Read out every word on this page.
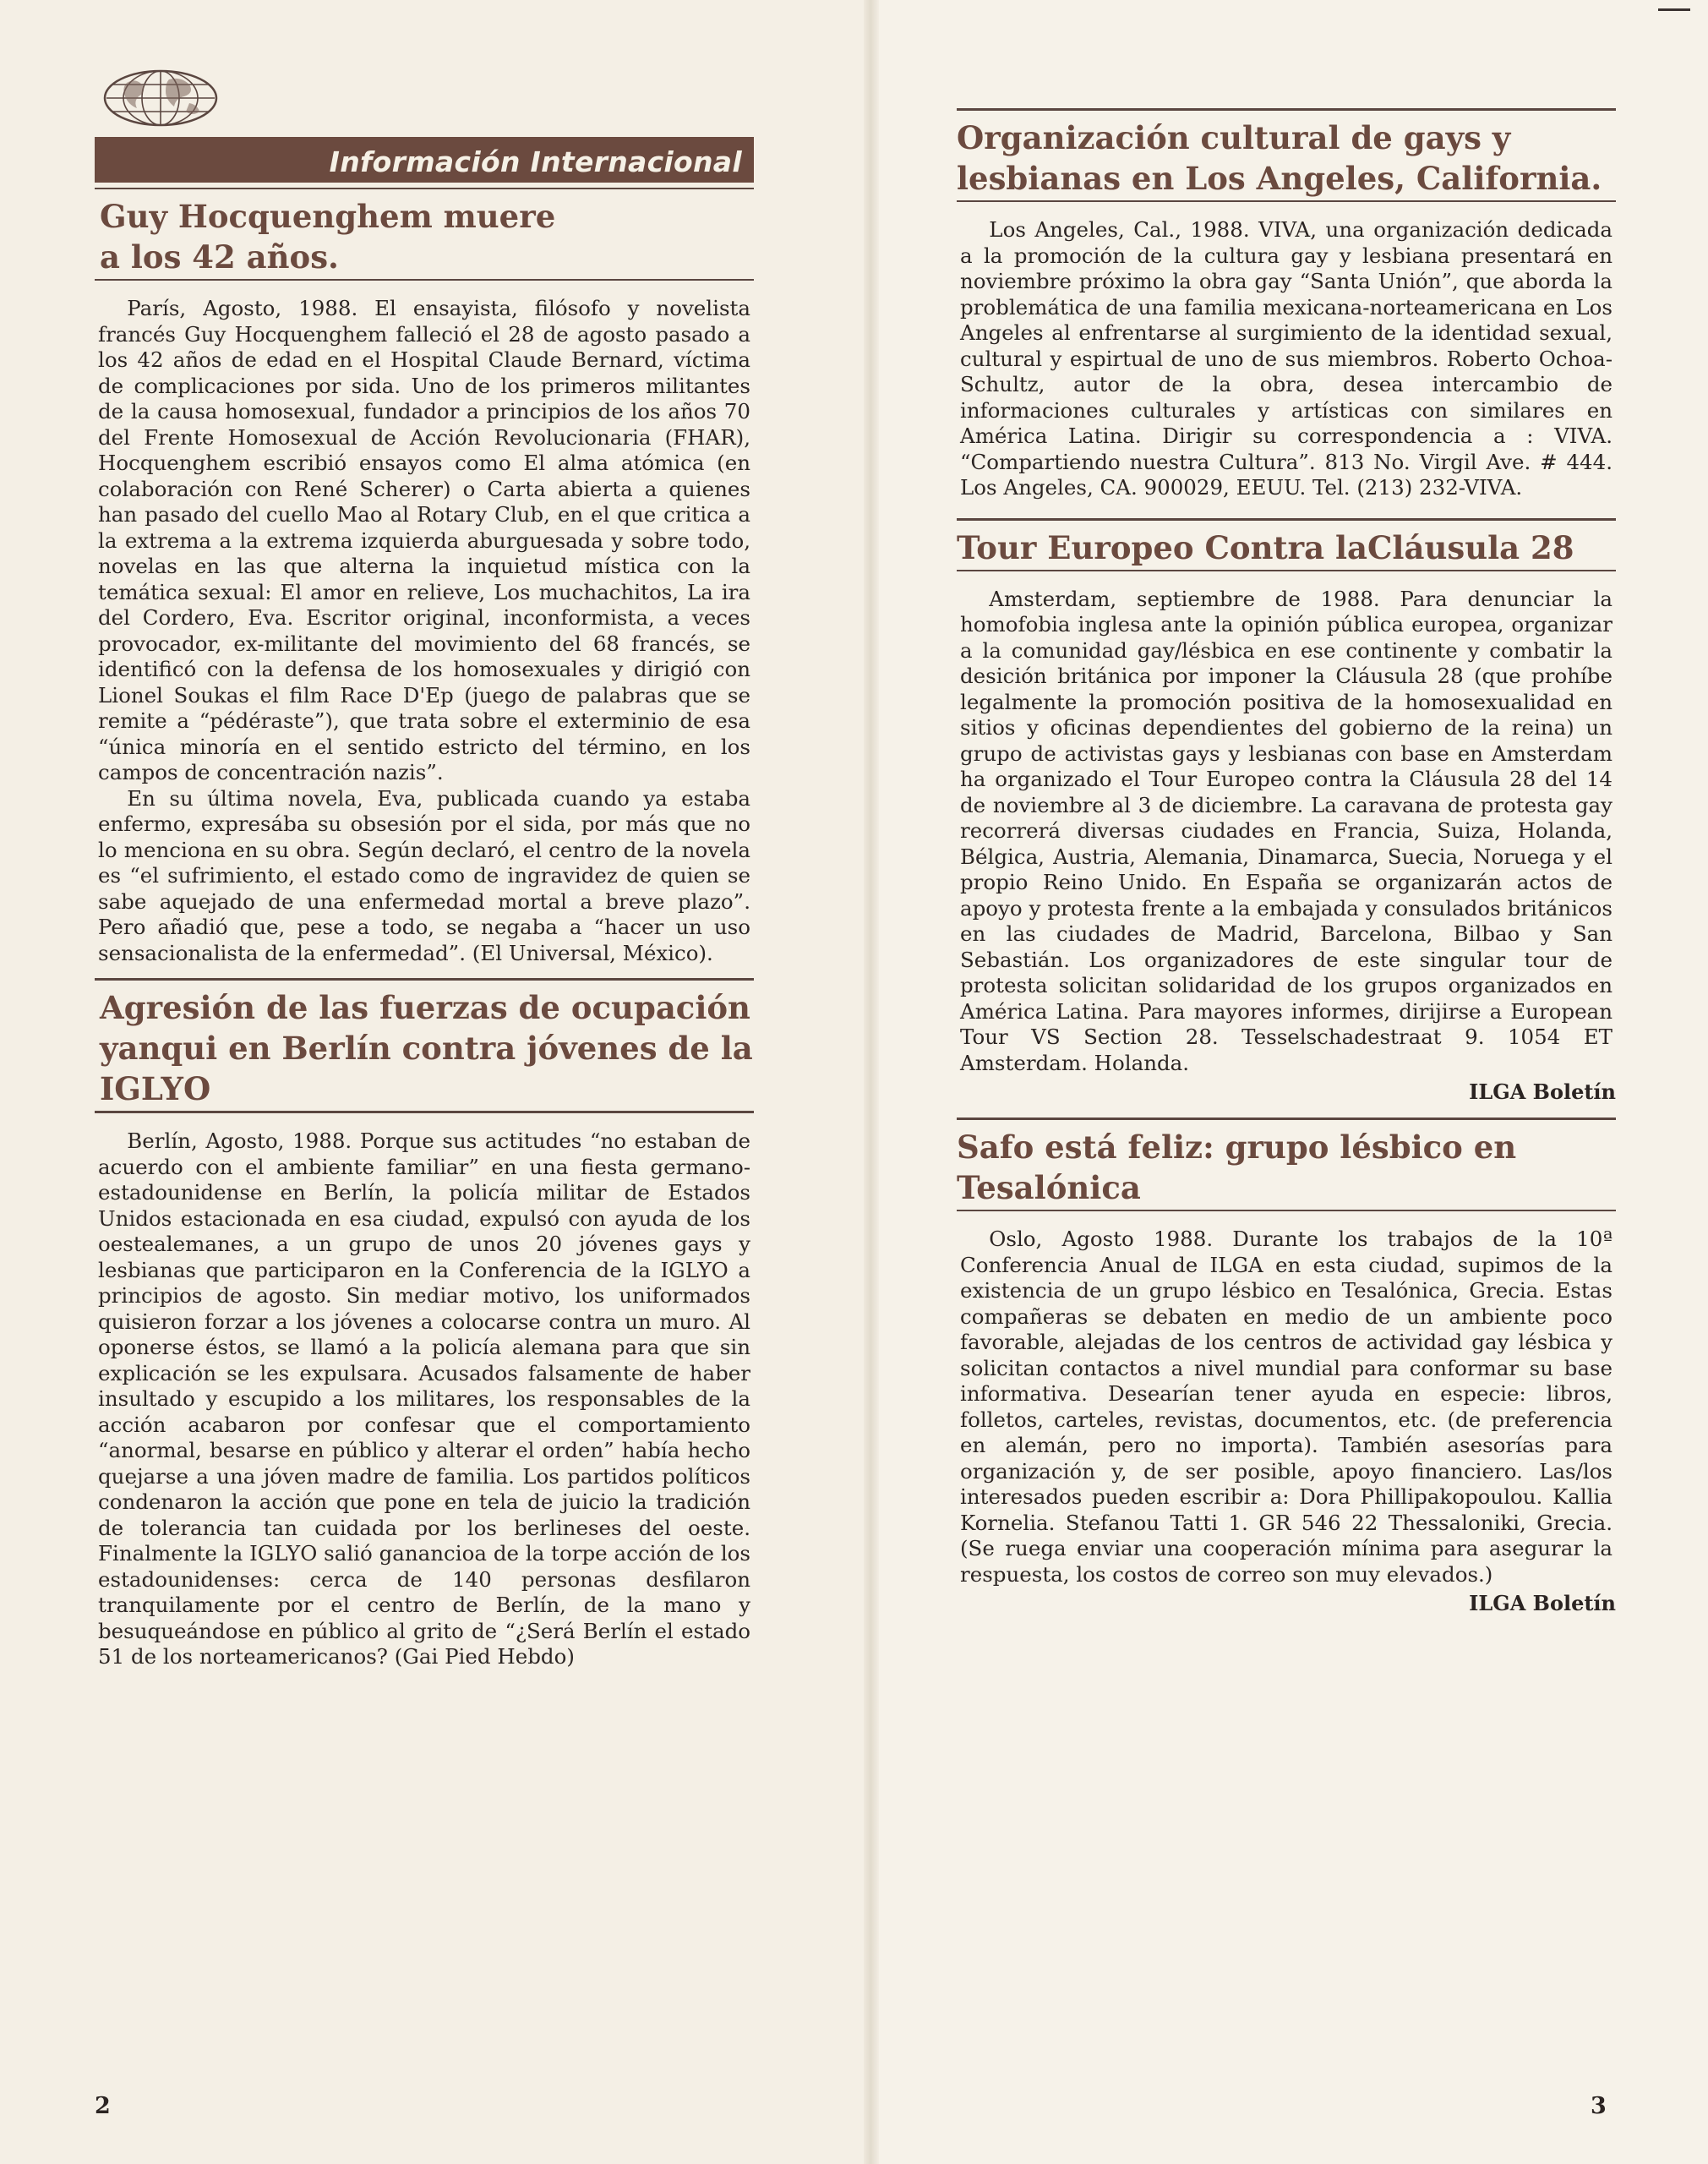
Información Internacional
Guy Hocquenghem muere a los 42 años.

París, Agosto, 1988. El ensayista, filósofo y novelista francés Guy Hocquenghem falleció el 28 de agosto pasado a los 42 años de edad en el Hospital Claude Bernard, víctima de complicaciones por sida. Uno de los primeros militantes de la causa homosexual, fundador a principios de los años 70 del Frente Homosexual de Acción Revolucionaria (FHAR), Hocquenghem escribió ensayos como El alma atómica (en colaboración con René Scherer) o Carta abierta a quienes han pasado del cuello Mao al Rotary Club, en el que critica a la extrema a la extrema izquierda aburguesada y sobre todo, novelas en las que alterna la inquietud mística con la temática sexual: El amor en relieve, Los muchachitos, La ira del Cordero, Eva. Escritor original, inconformista, a veces provocador, ex-militante del movimiento del 68 francés, se identificó con la defensa de los homosexuales y dirigió con Lionel Soukas el film Race D'Ep (juego de palabras que se remite a “pédéraste”), que trata sobre el exterminio de esa “única minoría en el sentido estricto del término, en los campos de concentración nazis”.

En su última novela, Eva, publicada cuando ya estaba enfermo, expresába su obsesión por el sida, por más que no lo menciona en su obra. Según declaró, el centro de la novela es “el sufrimiento, el estado como de ingravidez de quien se sabe aquejado de una enfermedad mortal a breve plazo”. Pero añadió que, pese a todo, se negaba a “hacer un uso sensacionalista de la enfermedad”. (El Universal, México).

Agresión de las fuerzas de ocupación yanqui en Berlín contra jóvenes de la IGLYO

Berlín, Agosto, 1988. Porque sus actitudes “no estaban de acuerdo con el ambiente familiar” en una fiesta germano-estadounidense en Berlín, la policía militar de Estados Unidos estacionada en esa ciudad, expulsó con ayuda de los oestealemanes, a un grupo de unos 20 jóvenes gays y lesbianas que participaron en la Conferencia de la IGLYO a principios de agosto. Sin mediar motivo, los uniformados quisieron forzar a los jóvenes a colocarse contra un muro. Al oponerse éstos, se llamó a la policía alemana para que sin explicación se les expulsara. Acusados falsamente de haber insultado y escupido a los militares, los responsables de la acción acabaron por confesar que el comportamiento “anormal, besarse en público y alterar el orden” había hecho quejarse a una jóven madre de familia. Los partidos políticos condenaron la acción que pone en tela de juicio la tradición de tolerancia tan cuidada por los berlineses del oeste. Finalmente la IGLYO salió ganancioa de la torpe acción de los estadounidenses: cerca de 140 personas desfilaron tranquilamente por el centro de Berlín, de la mano y besuqueándose en público al grito de “¿Será Berlín el estado 51 de los norteamericanos? (Gai Pied Hebdo)

Organización cultural de gays y lesbianas en Los Angeles, California.

Los Angeles, Cal., 1988. VIVA, una organización dedicada a la promoción de la cultura gay y lesbiana presentará en noviembre próximo la obra gay “Santa Unión”, que aborda la problemática de una familia mexicana-norteamericana en Los Angeles al enfrentarse al surgimiento de la identidad sexual, cultural y espirtual de uno de sus miembros. Roberto Ochoa-Schultz, autor de la obra, desea intercambio de informaciones culturales y artísticas con similares en América Latina. Dirigir su correspondencia a : VIVA. “Compartiendo nuestra Cultura”. 813 No. Virgil Ave. # 444. Los Angeles, CA. 900029, EEUU. Tel. (213) 232-VIVA.

Tour Europeo Contra laCláusula 28

Amsterdam, septiembre de 1988. Para denunciar la homofobia inglesa ante la opinión pública europea, organizar a la comunidad gay/lésbica en ese continente y combatir la desición británica por imponer la Cláusula 28 (que prohíbe legalmente la promoción positiva de la homosexualidad en sitios y oficinas dependientes del gobierno de la reina) un grupo de activistas gays y lesbianas con base en Amsterdam ha organizado el Tour Europeo contra la Cláusula 28 del 14 de noviembre al 3 de diciembre. La caravana de protesta gay recorrerá diversas ciudades en Francia, Suiza, Holanda, Bélgica, Austria, Alemania, Dinamarca, Suecia, Noruega y el propio Reino Unido. En España se organizarán actos de apoyo y protesta frente a la embajada y consulados británicos en las ciudades de Madrid, Barcelona, Bilbao y San Sebastián. Los organizadores de este singular tour de protesta solicitan solidaridad de los grupos organizados en América Latina. Para mayores informes, dirijirse a European Tour VS Section 28. Tesselschadestraat 9. 1054 ET Amsterdam. Holanda.

ILGA Boletín
Safo está feliz: grupo lésbico en Tesalónica

Oslo, Agosto 1988. Durante los trabajos de la 10ª Conferencia Anual de ILGA en esta ciudad, supimos de la existencia de un grupo lésbico en Tesalónica, Grecia. Estas compañeras se debaten en medio de un ambiente poco favorable, alejadas de los centros de actividad gay lésbica y solicitan contactos a nivel mundial para conformar su base informativa. Desearían tener ayuda en especie: libros, folletos, carteles, revistas, documentos, etc. (de preferencia en alemán, pero no importa). También asesorías para organización y, de ser posible, apoyo financiero. Las/los interesados pueden escribir a: Dora Phillipakopoulou. Kallia Kornelia. Stefanou Tatti 1. GR 546 22 Thessaloniki, Grecia. (Se ruega enviar una cooperación mínima para asegurar la respuesta, los costos de correo son muy elevados.)

ILGA Boletín
2	3
